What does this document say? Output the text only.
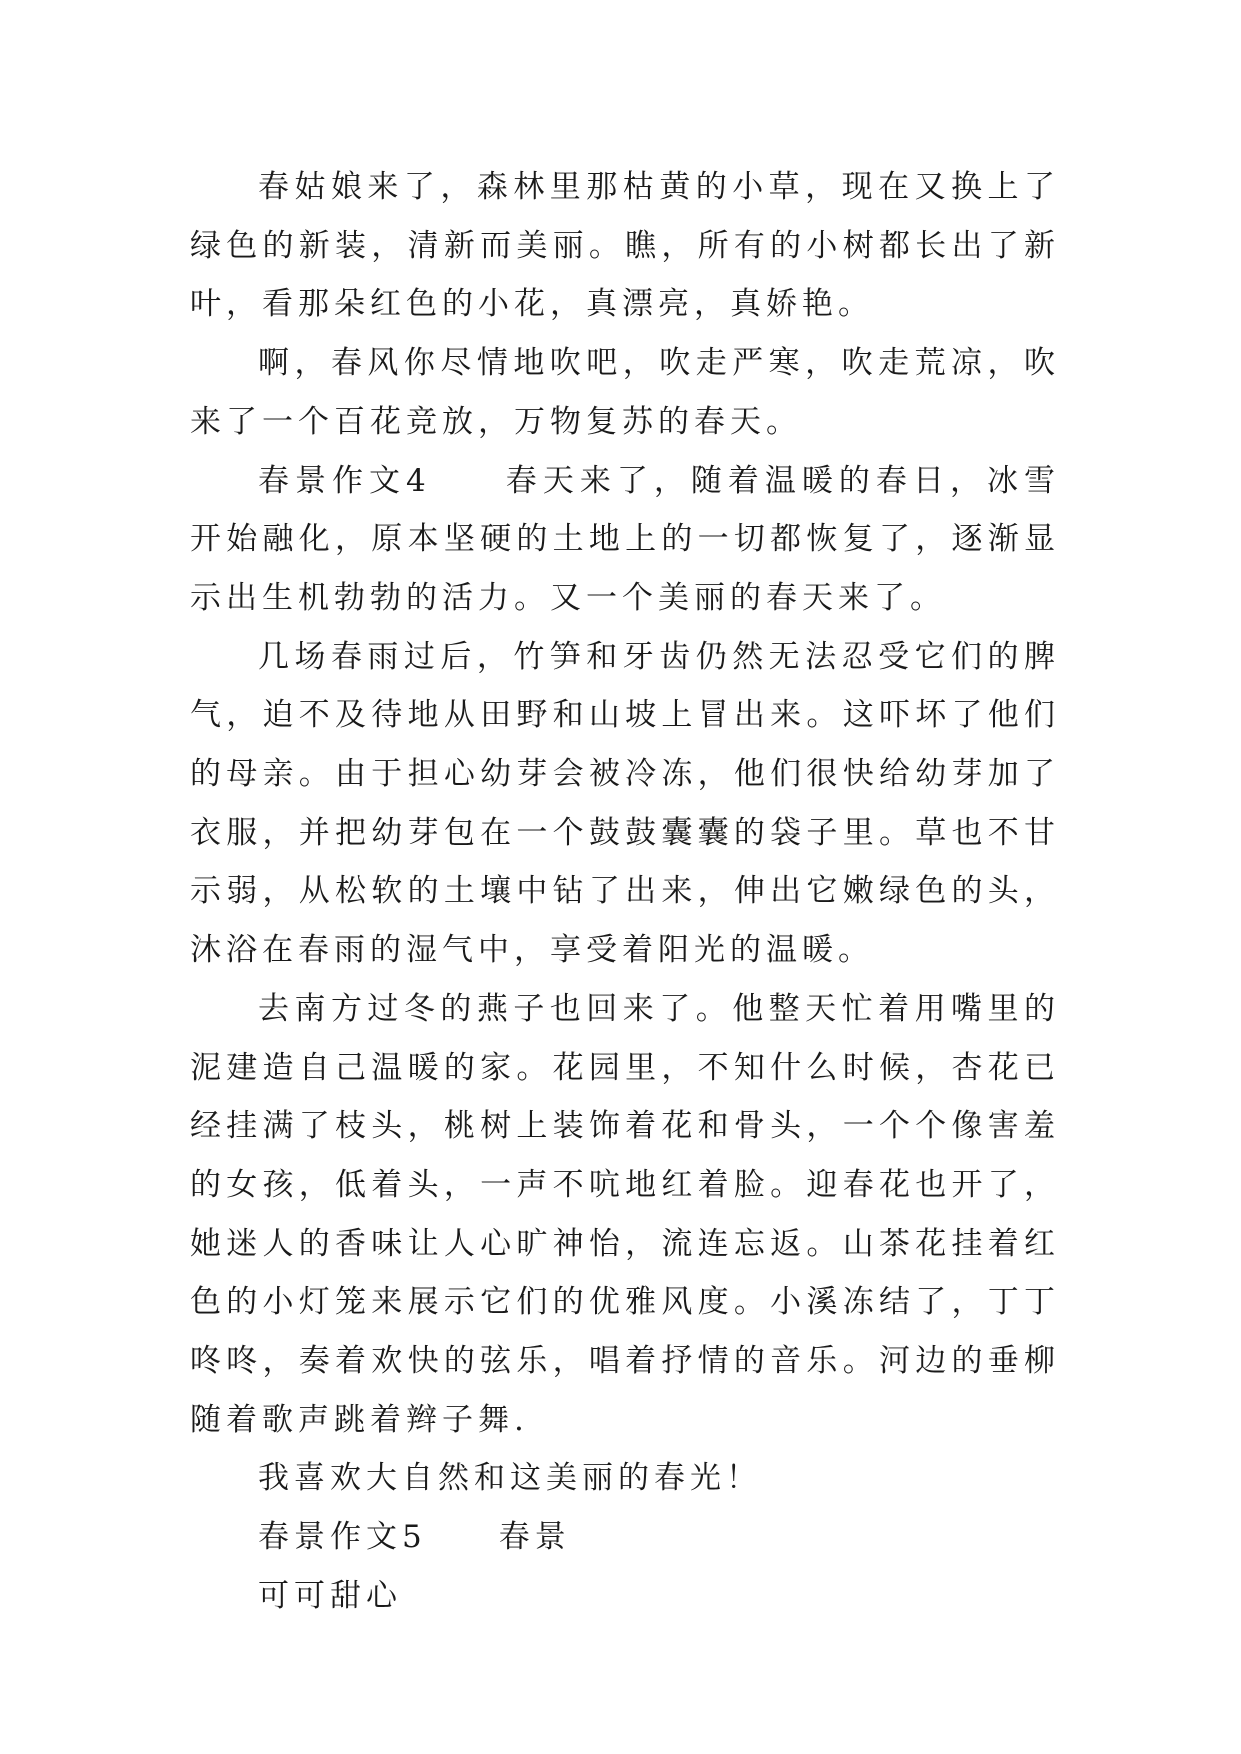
春姑娘来了，森林里那枯黄的小草，现在又换上了绿色的新装，清新而美丽。瞧，所有的小树都长出了新叶，看那朵红色的小花，真漂亮，真娇艳。

啊，春风你尽情地吹吧，吹走严寒，吹走荒凉，吹来了一个百花竞放，万物复苏的春天。

春景作文4　　春天来了，随着温暖的春日，冰雪开始融化，原本坚硬的土地上的一切都恢复了，逐渐显示出生机勃勃的活力。又一个美丽的春天来了。

几场春雨过后，竹笋和牙齿仍然无法忍受它们的脾气，迫不及待地从田野和山坡上冒出来。这吓坏了他们的母亲。由于担心幼芽会被冷冻，他们很快给幼芽加了衣服，并把幼芽包在一个鼓鼓囊囊的袋子里。草也不甘示弱，从松软的土壤中钻了出来，伸出它嫩绿色的头，沐浴在春雨的湿气中，享受着阳光的温暖。

去南方过冬的燕子也回来了。他整天忙着用嘴里的泥建造自己温暖的家。花园里，不知什么时候，杏花已经挂满了枝头，桃树上装饰着花和骨头，一个个像害羞的女孩，低着头，一声不吭地红着脸。迎春花也开了，她迷人的香味让人心旷神怡，流连忘返。山茶花挂着红色的小灯笼来展示它们的优雅风度。小溪冻结了，丁丁咚咚，奏着欢快的弦乐，唱着抒情的音乐。河边的垂柳随着歌声跳着辫子舞.

我喜欢大自然和这美丽的春光！

春景作文5　　春景

可可甜心
